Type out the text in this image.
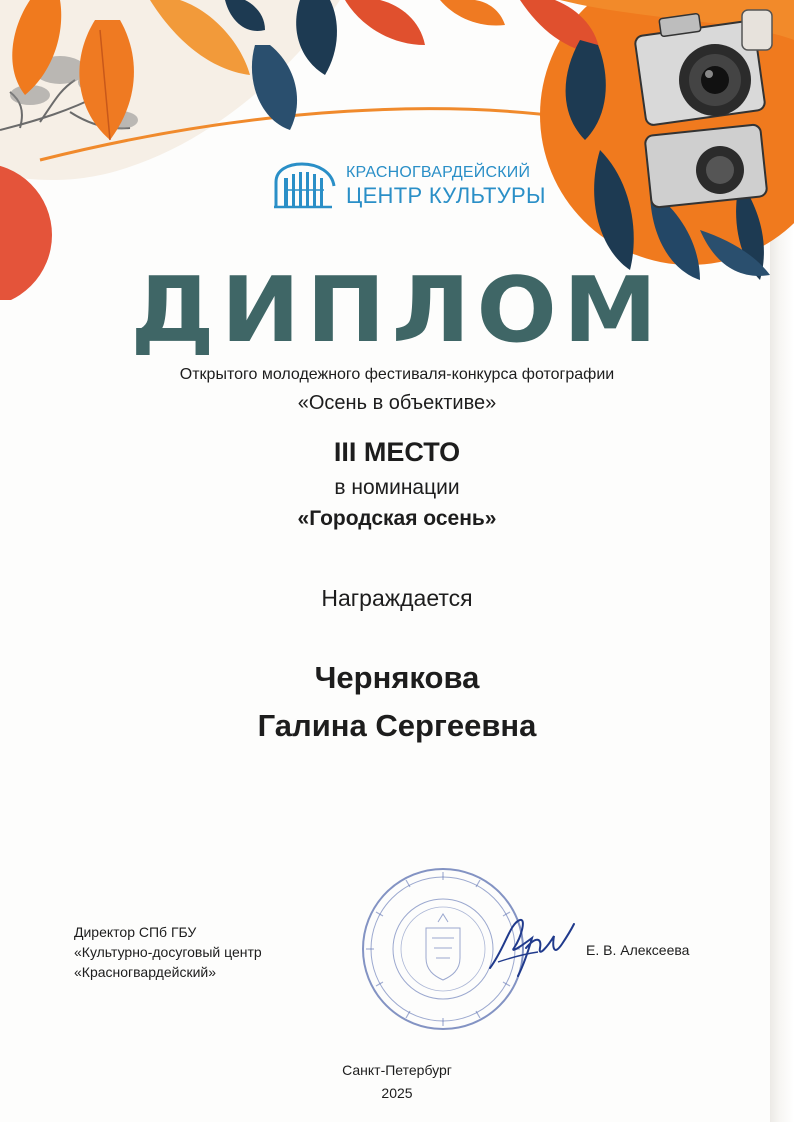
КРАСНОГВАРДЕЙСКИЙ
ЦЕНТР КУЛЬТУРЫ
ДИПЛОМ
Открытого молодежного фестиваля-конкурса фотографии
«Осень в объективе»
III МЕСТО
в номинации
«Городская осень»
Награждается
Чернякова
Галина Сергеевна
Директор СПб ГБУ
«Культурно-досуговый центр
«Красногвардейский»
Е. В. Алексеева
Санкт-Петербург
2025
